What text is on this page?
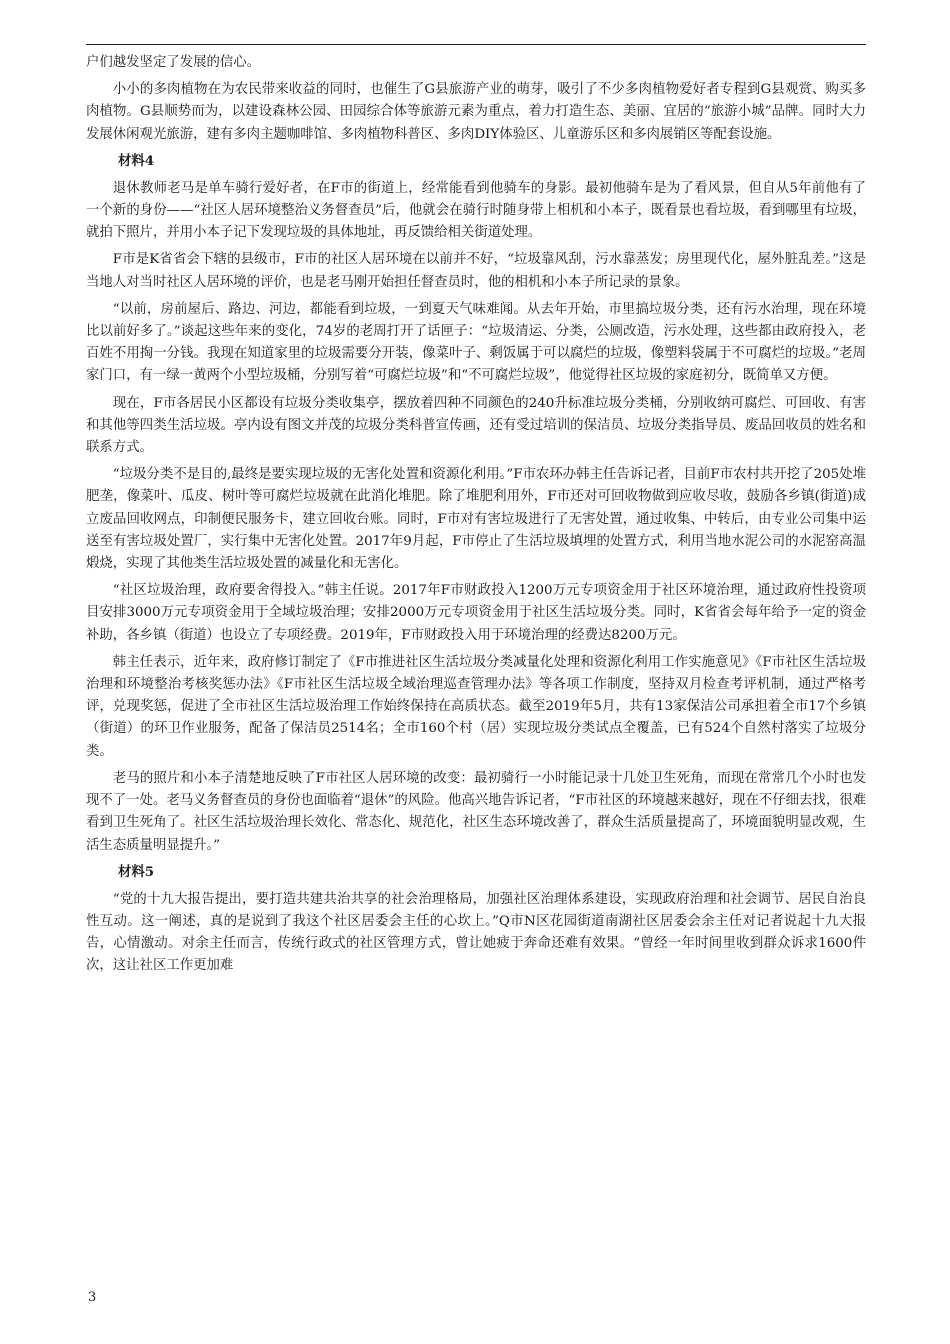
户们越发坚定了发展的信心。

小小的多肉植物在为农民带来收益的同时，也催生了G县旅游产业的萌芽，吸引了不少多肉植物爱好者专程到G县观赏、购买多肉植物。G县顺势而为，以建设森林公园、田园综合体等旅游元素为重点，着力打造生态、美丽、宜居的“旅游小城”品牌。同时大力发展休闲观光旅游，建有多肉主题咖啡馆、多肉植物科普区、多肉DIY体验区、儿童游乐区和多肉展销区等配套设施。

材料4

退休教师老马是单车骑行爱好者，在F市的街道上，经常能看到他骑车的身影。最初他骑车是为了看风景，但自从5年前他有了一个新的身份——“社区人居环境整治义务督查员”后，他就会在骑行时随身带上相机和小本子，既看景也看垃圾，看到哪里有垃圾，就拍下照片，并用小本子记下发现垃圾的具体地址，再反馈给相关街道处理。

F市是K省省会下辖的县级市，F市的社区人居环境在以前并不好，“垃圾靠风刮，污水靠蒸发；房里现代化，屋外脏乱差。”这是当地人对当时社区人居环境的评价，也是老马刚开始担任督查员时，他的相机和小本子所记录的景象。

“以前，房前屋后、路边、河边，都能看到垃圾，一到夏天气味难闻。从去年开始，市里搞垃圾分类，还有污水治理，现在环境比以前好多了。”谈起这些年来的变化，74岁的老周打开了话匣子：“垃圾清运、分类，公厕改造，污水处理，这些都由政府投入，老百姓不用掏一分钱。我现在知道家里的垃圾需要分开装，像菜叶子、剩饭属于可以腐烂的垃圾，像塑料袋属于不可腐烂的垃圾。”老周家门口，有一绿一黄两个小型垃圾桶，分别写着“可腐烂垃圾”和“不可腐烂垃圾”，他觉得社区垃圾的家庭初分，既简单又方便。

现在，F市各居民小区都设有垃圾分类收集亭，摆放着四种不同颜色的240升标准垃圾分类桶，分别收纳可腐烂、可回收、有害和其他等四类生活垃圾。亭内设有图文并茂的垃圾分类科普宣传画，还有受过培训的保洁员、垃圾分类指导员、废品回收员的姓名和联系方式。

“垃圾分类不是目的,最终是要实现垃圾的无害化处置和资源化利用。”F市农环办韩主任告诉记者，目前F市农村共开挖了205处堆肥垄，像菜叶、瓜皮、树叶等可腐烂垃圾就在此消化堆肥。除了堆肥利用外，F市还对可回收物做到应收尽收，鼓励各乡镇(街道)成立废品回收网点，印制便民服务卡，建立回收台账。同时，F市对有害垃圾进行了无害处置，通过收集、中转后，由专业公司集中运送至有害垃圾处置厂，实行集中无害化处置。2017年9月起，F市停止了生活垃圾填埋的处置方式，利用当地水泥公司的水泥窑高温煅烧，实现了其他类生活垃圾处置的减量化和无害化。

“社区垃圾治理，政府要舍得投入。”韩主任说。2017年F市财政投入1200万元专项资金用于社区环境治理，通过政府性投资项目安排3000万元专项资金用于全域垃圾治理；安排2000万元专项资金用于社区生活垃圾分类。同时，K省省会每年给予一定的资金补助，各乡镇（街道）也设立了专项经费。2019年，F市财政投入用于环境治理的经费达8200万元。

韩主任表示，近年来，政府修订制定了《F市推进社区生活垃圾分类减量化处理和资源化利用工作实施意见》《F市社区生活垃圾治理和环境整治考核奖惩办法》《F市社区生活垃圾全域治理巡查管理办法》等各项工作制度，坚持双月检查考评机制，通过严格考评，兑现奖惩，促进了全市社区生活垃圾治理工作始终保持在高质状态。截至2019年5月，共有13家保洁公司承担着全市17个乡镇（街道）的环卫作业服务，配备了保洁员2514名；全市160个村（居）实现垃圾分类试点全覆盖，已有524个自然村落实了垃圾分类。

老马的照片和小本子清楚地反映了F市社区人居环境的改变：最初骑行一小时能记录十几处卫生死角，而现在常常几个小时也发现不了一处。老马义务督查员的身份也面临着“退休”的风险。他高兴地告诉记者，“F市社区的环境越来越好，现在不仔细去找，很难看到卫生死角了。社区生活垃圾治理长效化、常态化、规范化，社区生态环境改善了，群众生活质量提高了，环境面貌明显改观，生活生态质量明显提升。”

材料5

“党的十九大报告提出，要打造共建共治共享的社会治理格局，加强社区治理体系建设，实现政府治理和社会调节、居民自治良性互动。这一阐述，真的是说到了我这个社区居委会主任的心坎上。”Q市N区花园街道南湖社区居委会余主任对记者说起十九大报告，心情激动。对余主任而言，传统行政式的社区管理方式，曾让她疲于奔命还难有效果。“曾经一年时间里收到群众诉求1600件次，这让社区工作更加难

3
